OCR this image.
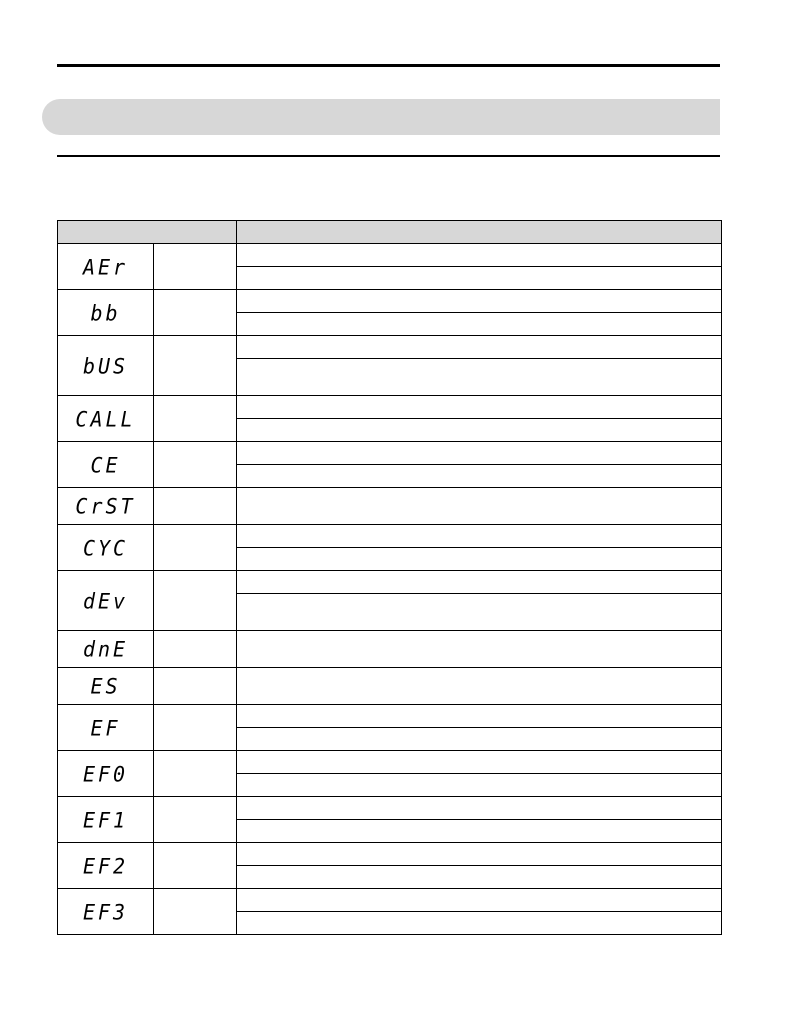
AEr		

bb		

bUS		

CALL		

CE		

CrST		
CYC		

dEv		

dnE		
ES		
EF		

EF0		

EF1		

EF2		

EF3		
